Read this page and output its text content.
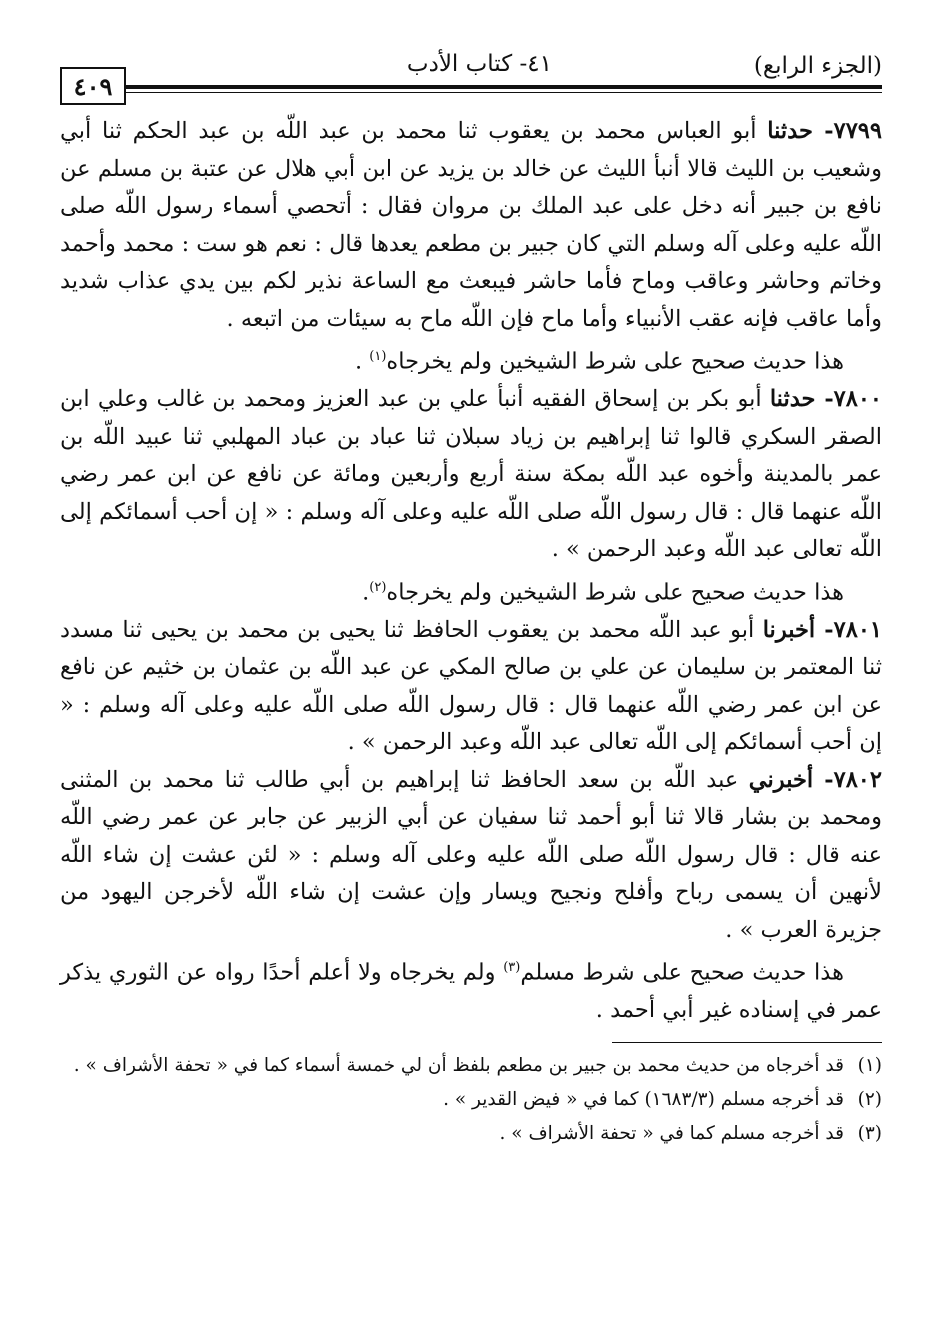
(الجزء الرابع)
٤١- كتاب الأدب
٤٠٩

٧٧٩٩- حدثنا أبو العباس محمد بن يعقوب ثنا محمد بن عبد اللّه بن عبد الحكم ثنا أبي وشعيب بن الليث قالا أنبأ الليث عن خالد بن يزيد عن ابن أبي هلال عن عتبة بن مسلم عن نافع بن جبير أنه دخل على عبد الملك بن مروان فقال : أتحصي أسماء رسول اللّه صلى اللّه عليه وعلى آله وسلم التي كان جبير بن مطعم يعدها قال : نعم هو ست : محمد وأحمد وخاتم وحاشر وعاقب وماح فأما حاشر فيبعث مع الساعة نذير لكم بين يدي عذاب شديد وأما عاقب فإنه عقب الأنبياء وأما ماح فإن اللّه ماح به سيئات من اتبعه .

هذا حديث صحيح على شرط الشيخين ولم يخرجاه$^{(١)}$ .

٧٨٠٠- حدثنا أبو بكر بن إسحاق الفقيه أنبأ علي بن عبد العزيز ومحمد بن غالب وعلي ابن الصقر السكري قالوا ثنا إبراهيم بن زياد سبلان ثنا عباد بن عباد المهلبي ثنا عبيد اللّه بن عمر بالمدينة وأخوه عبد اللّه بمكة سنة أربع وأربعين ومائة عن نافع عن ابن عمر رضي اللّه عنهما قال : قال رسول اللّه صلى اللّه عليه وعلى آله وسلم : « إن أحب أسمائكم إلى اللّه تعالى عبد اللّه وعبد الرحمن » .

هذا حديث صحيح على شرط الشيخين ولم يخرجاه$^{(٢)}$.

٧٨٠١- أخبرنا أبو عبد اللّه محمد بن يعقوب الحافظ ثنا يحيى بن محمد بن يحيى ثنا مسدد ثنا المعتمر بن سليمان عن علي بن صالح المكي عن عبد اللّه بن عثمان بن خثيم عن نافع عن ابن عمر رضي اللّه عنهما قال : قال رسول اللّه صلى اللّه عليه وعلى آله وسلم : « إن أحب أسمائكم إلى اللّه تعالى عبد اللّه وعبد الرحمن » .

٧٨٠٢- أخبرني عبد اللّه بن سعد الحافظ ثنا إبراهيم بن أبي طالب ثنا محمد بن المثنى ومحمد بن بشار قالا ثنا أبو أحمد ثنا سفيان عن أبي الزبير عن جابر عن عمر رضي اللّه عنه قال : قال رسول اللّه صلى اللّه عليه وعلى آله وسلم : « لئن عشت إن شاء اللّه لأنهين أن يسمى رباح وأفلح ونجيح ويسار وإن عشت إن شاء اللّه لأخرجن اليهود من جزيرة العرب » .

هذا حديث صحيح على شرط مسلم$^{(٣)}$ ولم يخرجاه ولا أعلم أحدًا رواه عن الثوري يذكر عمر في إسناده غير أبي أحمد .

(١)قد أخرجاه من حديث محمد بن جبير بن مطعم بلفظ أن لي خمسة أسماء كما في « تحفة الأشراف » .

(٢)قد أخرجه مسلم (١٦٨٣/٣) كما في « فيض القدير » .

(٣)قد أخرجه مسلم كما في « تحفة الأشراف » .
